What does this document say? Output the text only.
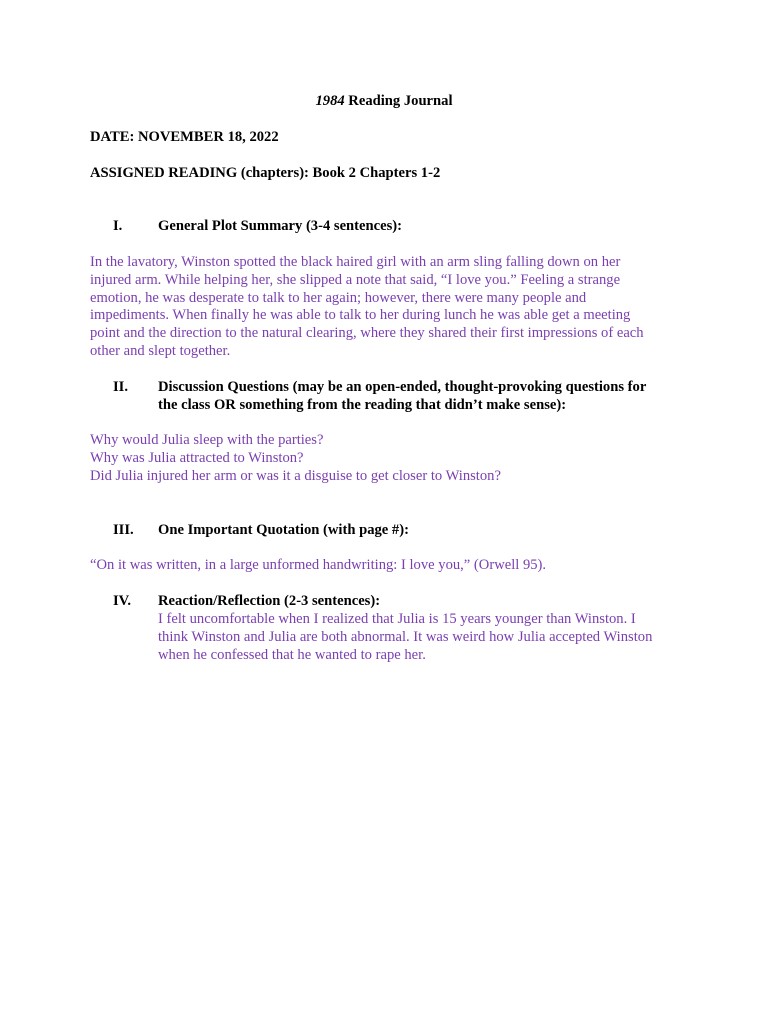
1984 Reading Journal
DATE: NOVEMBER 18, 2022
ASSIGNED READING (chapters): Book 2 Chapters 1-2
I.	General Plot Summary (3-4 sentences):
In the lavatory, Winston spotted the black haired girl with an arm sling falling down on her
injured arm. While helping her, she slipped a note that said, “I love you.” Feeling a strange
emotion, he was desperate to talk to her again; however, there were many people and
impediments. When finally he was able to talk to her during lunch he was able get a meeting
point and the direction to the natural clearing, where they shared their first impressions of each
other and slept together.
II.	Discussion Questions (may be an open-ended, thought-provoking questions for
the class OR something from the reading that didn’t make sense):
Why would Julia sleep with the parties?
Why was Julia attracted to Winston?
Did Julia injured her arm or was it a disguise to get closer to Winston?
III.	One Important Quotation (with page #):
“On it was written, in a large unformed handwriting: I love you,” (Orwell 95).
IV.	Reaction/Reflection (2-3 sentences):
I felt uncomfortable when I realized that Julia is 15 years younger than Winston. I
think Winston and Julia are both abnormal. It was weird how Julia accepted Winston
when he confessed that he wanted to rape her.
